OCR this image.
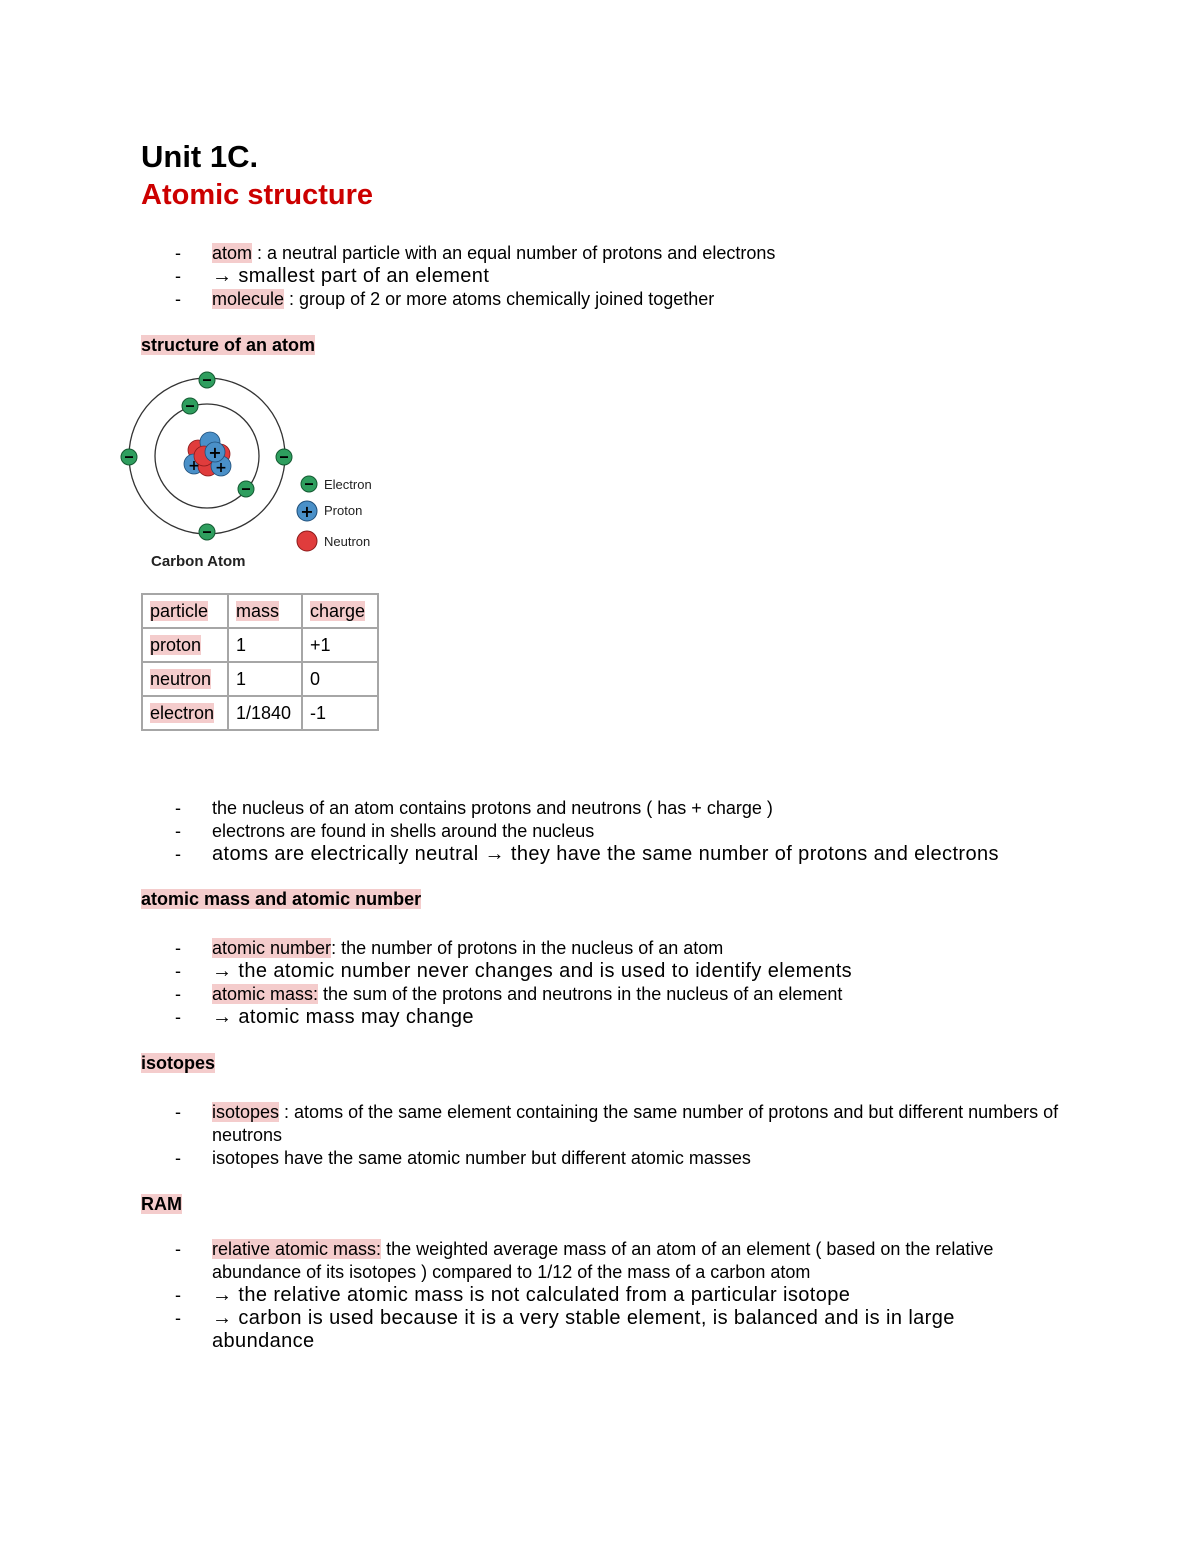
Unit 1C.
Atomic structure
- atom : a neutral particle with an equal number of protons and electrons
- → smallest part of an element
- molecule : group of 2 or more atoms chemically joined together
structure of an atom
+
+ +
Electron
+ Proton
Neutron
Carbon Atom
particle	mass	charge
proton	1	+1
neutron	1	0
electron	1/1840	-1
- the nucleus of an atom contains protons and neutrons ( has + charge )
- electrons are found in shells around the nucleus
- atoms are electrically neutral → they have the same number of protons and electrons
atomic mass and atomic number
- atomic number: the number of protons in the nucleus of an atom
- → the atomic number never changes and is used to identify elements
- atomic mass: the sum of the protons and neutrons in the nucleus of an element
- → atomic mass may change
isotopes
- isotopes : atoms of the same element containing the same number of protons and but different numbers of neutrons
- isotopes have the same atomic number but different atomic masses
RAM
- relative atomic mass: the weighted average mass of an atom of an element ( based on the relative abundance of its isotopes ) compared to 1/12 of the mass of a carbon atom
- → the relative atomic mass is not calculated from a particular isotope
- → carbon is used because it is a very stable element, is balanced and is in large abundance
